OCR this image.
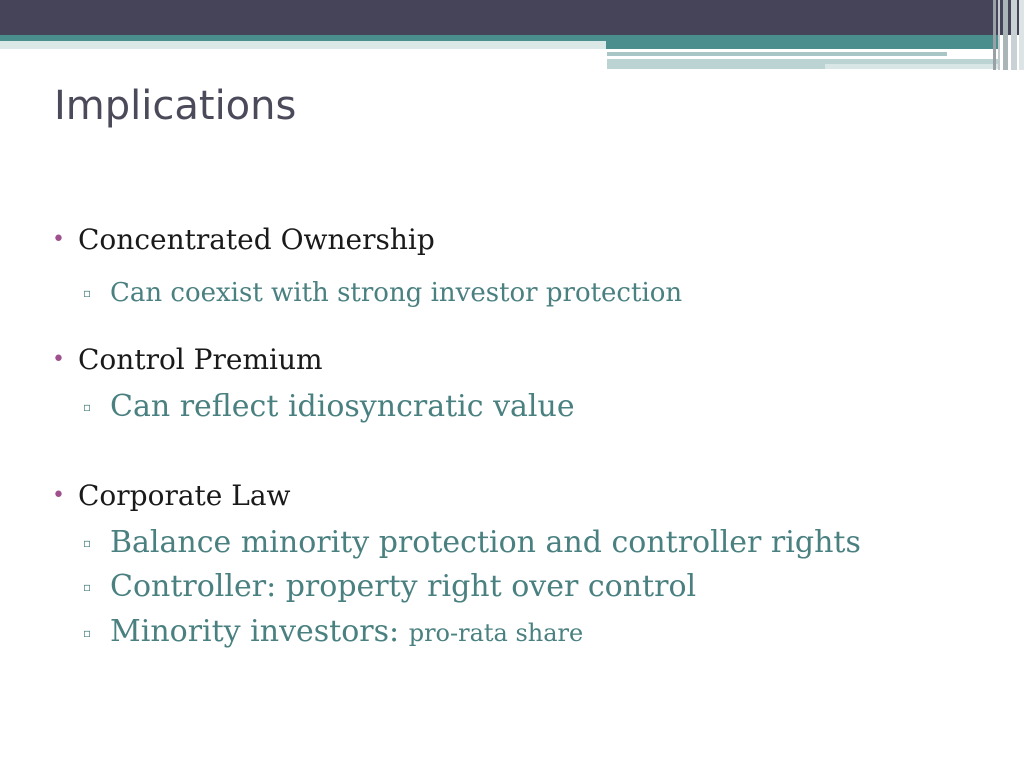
Implications
• Concentrated Ownership
▫ Can coexist with strong investor protection
• Control Premium
▫ Can reflect idiosyncratic value
• Corporate Law
▫ Balance minority protection and controller rights
▫ Controller: property right over control
▫ Minority investors: pro-rata share
